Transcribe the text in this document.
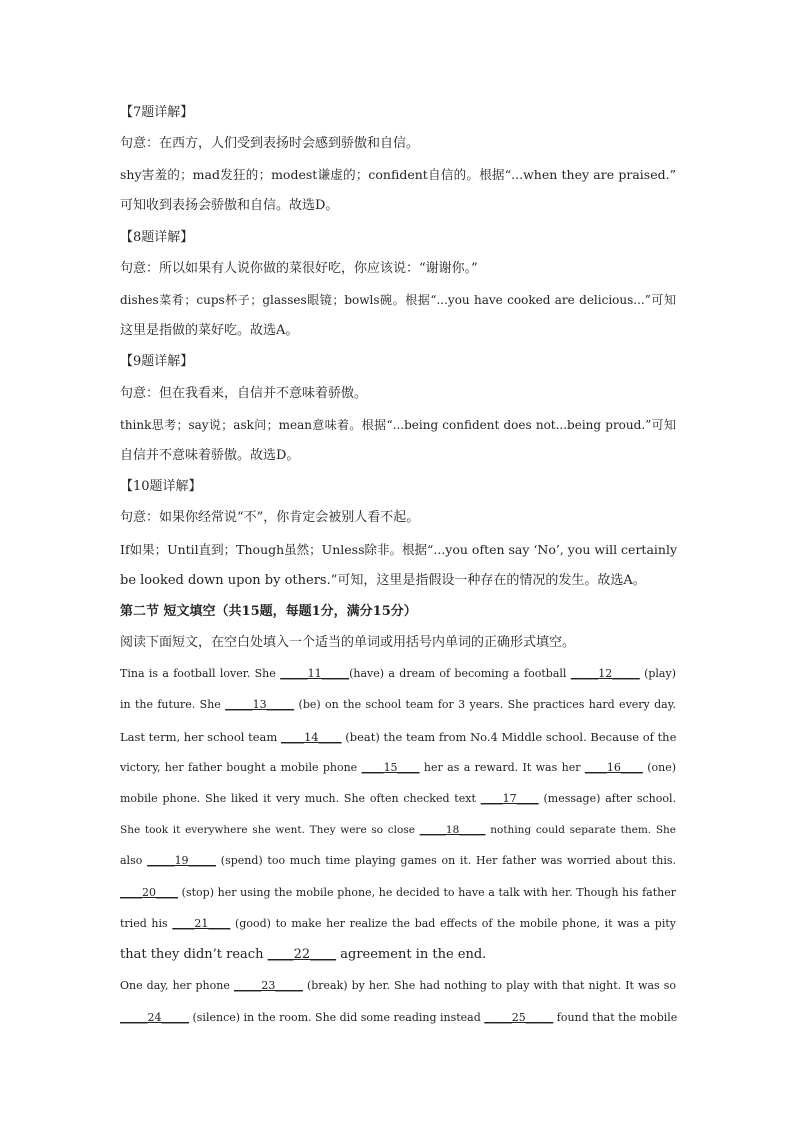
【7题详解】
句意：在西方，人们受到表扬时会感到骄傲和自信。
shy害羞的；mad发狂的；modest谦虚的；confident自信的。根据“...when they are praised.”
可知收到表扬会骄傲和自信。故选D。
【8题详解】
句意：所以如果有人说你做的菜很好吃，你应该说：“谢谢你。”
dishes菜肴；cups杯子；glasses眼镜；bowls碗。根据“...you have cooked are delicious...”可知
这里是指做的菜好吃。故选A。
【9题详解】
句意：但在我看来，自信并不意味着骄傲。
think思考；say说；ask问；mean意味着。根据“...being confident does not...being proud.”可知
自信并不意味着骄傲。故选D。
【10题详解】
句意：如果你经常说“不”，你肯定会被别人看不起。
If如果；Until直到；Though虽然；Unless除非。根据“...you often say ‘No’, you will certainly
be looked down upon by others.”可知，这里是指假设一种存在的情况的发生。故选A。
第二节 短文填空（共15题，每题1分，满分15分）
阅读下面短文，在空白处填入一个适当的单词或用括号内单词的正确形式填空。
Tina is a football lover. She _____11_____(have) a dream of becoming a football _____12_____ (play)
in the future. She _____13_____ (be) on the school team for 3 years. She practices hard every day.
Last term, her school team ____14____ (beat) the team from No.4 Middle school. Because of the
victory, her father bought a mobile phone ____15____ her as a reward. It was her ____16____ (one)
mobile phone. She liked it very much. She often checked text ____17____ (message) after school.
She took it everywhere she went. They were so close _____18_____ nothing could separate them. She
also _____19_____ (spend) too much time playing games on it. Her father was worried about this.
____20____ (stop) her using the mobile phone, he decided to have a talk with her. Though his father
tried his ____21____ (good) to make her realize the bad effects of the mobile phone, it was a pity
that they didn’t reach ____22____ agreement in the end.
One day, her phone _____23_____ (break) by her. She had nothing to play with that night. It was so
_____24_____ (silence) in the room. She did some reading instead _____25_____ found that the mobile
